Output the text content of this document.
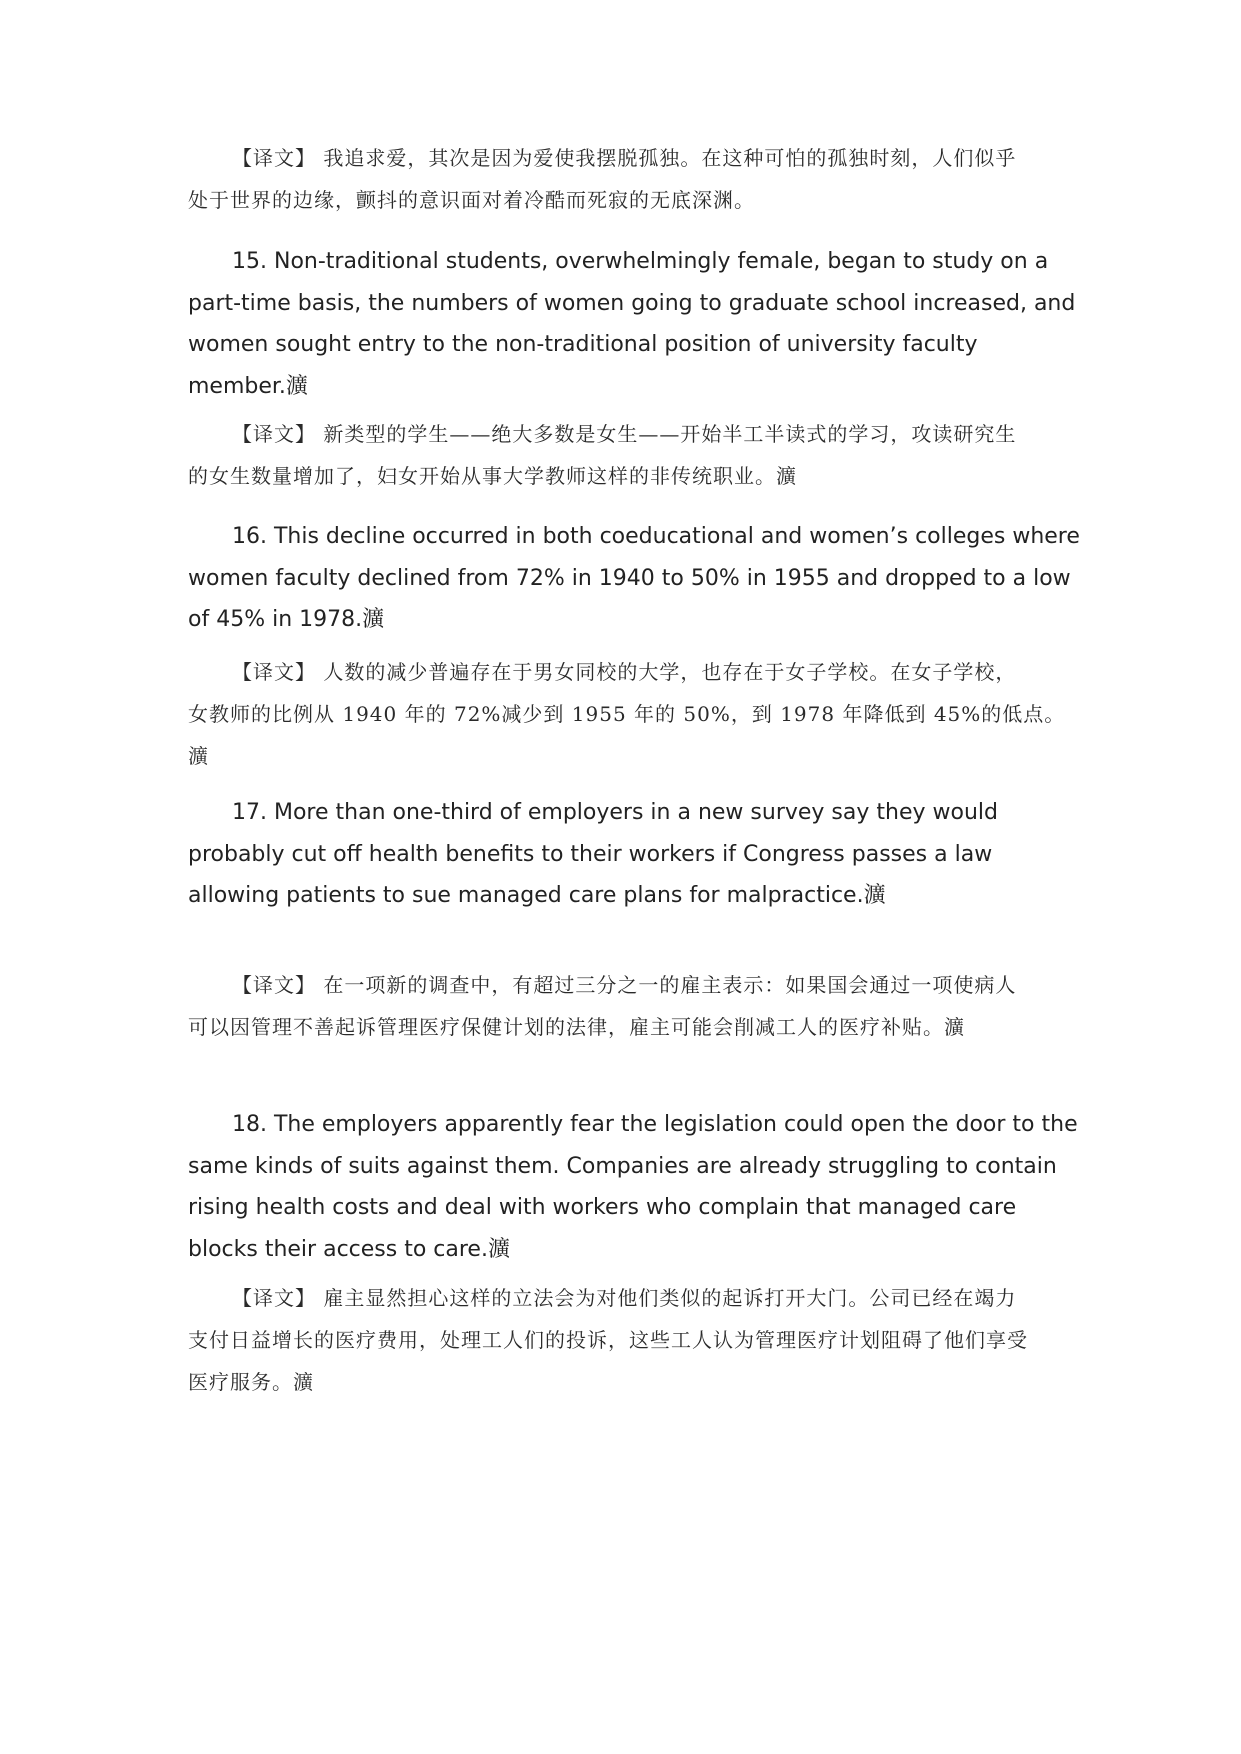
【译文】 我追求爱，其次是因为爱使我摆脱孤独。在这种可怕的孤独时刻，人们似乎
处于世界的边缘，颤抖的意识面对着冷酷而死寂的无底深渊。

15. Non-traditional students, overwhelmingly female, began to study on a
part-time basis, the numbers of women going to graduate school increased, and
women sought entry to the non-traditional position of university faculty
member.瀇

【译文】 新类型的学生——绝大多数是女生——开始半工半读式的学习，攻读研究生
的女生数量增加了，妇女开始从事大学教师这样的非传统职业。瀇

16. This decline occurred in both coeducational and women’s colleges where
women faculty declined from 72% in 1940 to 50% in 1955 and dropped to a low
of 45% in 1978.瀇

【译文】 人数的减少普遍存在于男女同校的大学，也存在于女子学校。在女子学校，
女教师的比例从 1940 年的 72%减少到 1955 年的 50%，到 1978 年降低到 45%的低点。
瀇

17. More than one-third of employers in a new survey say they would
probably cut off health benefits to their workers if Congress passes a law
allowing patients to sue managed care plans for malpractice.瀇

【译文】 在一项新的调查中，有超过三分之一的雇主表示：如果国会通过一项使病人
可以因管理不善起诉管理医疗保健计划的法律，雇主可能会削减工人的医疗补贴。瀇

18. The employers apparently fear the legislation could open the door to the
same kinds of suits against them. Companies are already struggling to contain
rising health costs and deal with workers who complain that managed care
blocks their access to care.瀇

【译文】 雇主显然担心这样的立法会为对他们类似的起诉打开大门。公司已经在竭力
支付日益增长的医疗费用，处理工人们的投诉，这些工人认为管理医疗计划阻碍了他们享受
医疗服务。瀇
